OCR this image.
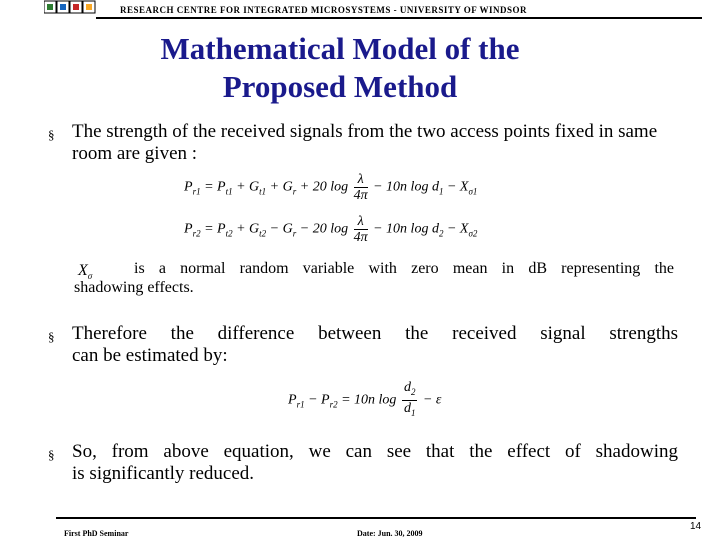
RESEARCH CENTRE FOR INTEGRATED MICROSYSTEMS - UNIVERSITY OF WINDSOR
Mathematical Model of the
Proposed Method
§ The strength of the received signals from the two access points fixed in same room are given :
$P_{r1} = P_{t1} + G_{t1} + G_r + 20$ $\log \frac{\lambda}{4\pi} - 10n$ $\log d_1 - X_{\sigma 1}$
$P_{r2} = P_{t2} + G_{t2} - G_r - 20$ $\log \frac{\lambda}{4\pi} - 10n$ $\log d_2 - X_{\sigma 2}$
$X_\sigma$	is a normal random variable with zero mean in dB representing the
shadowing effects.
§ Therefore the difference between the received signal strengths
can be estimated by:
$P_{r1} - P_{r2} = 10n$ $\log \frac{d_2}{d_1} - \varepsilon$
§ So, from above equation, we can see that the effect of shadowing
is significantly reduced.
First PhD Seminar	Date: Jun. 30, 2009
14
